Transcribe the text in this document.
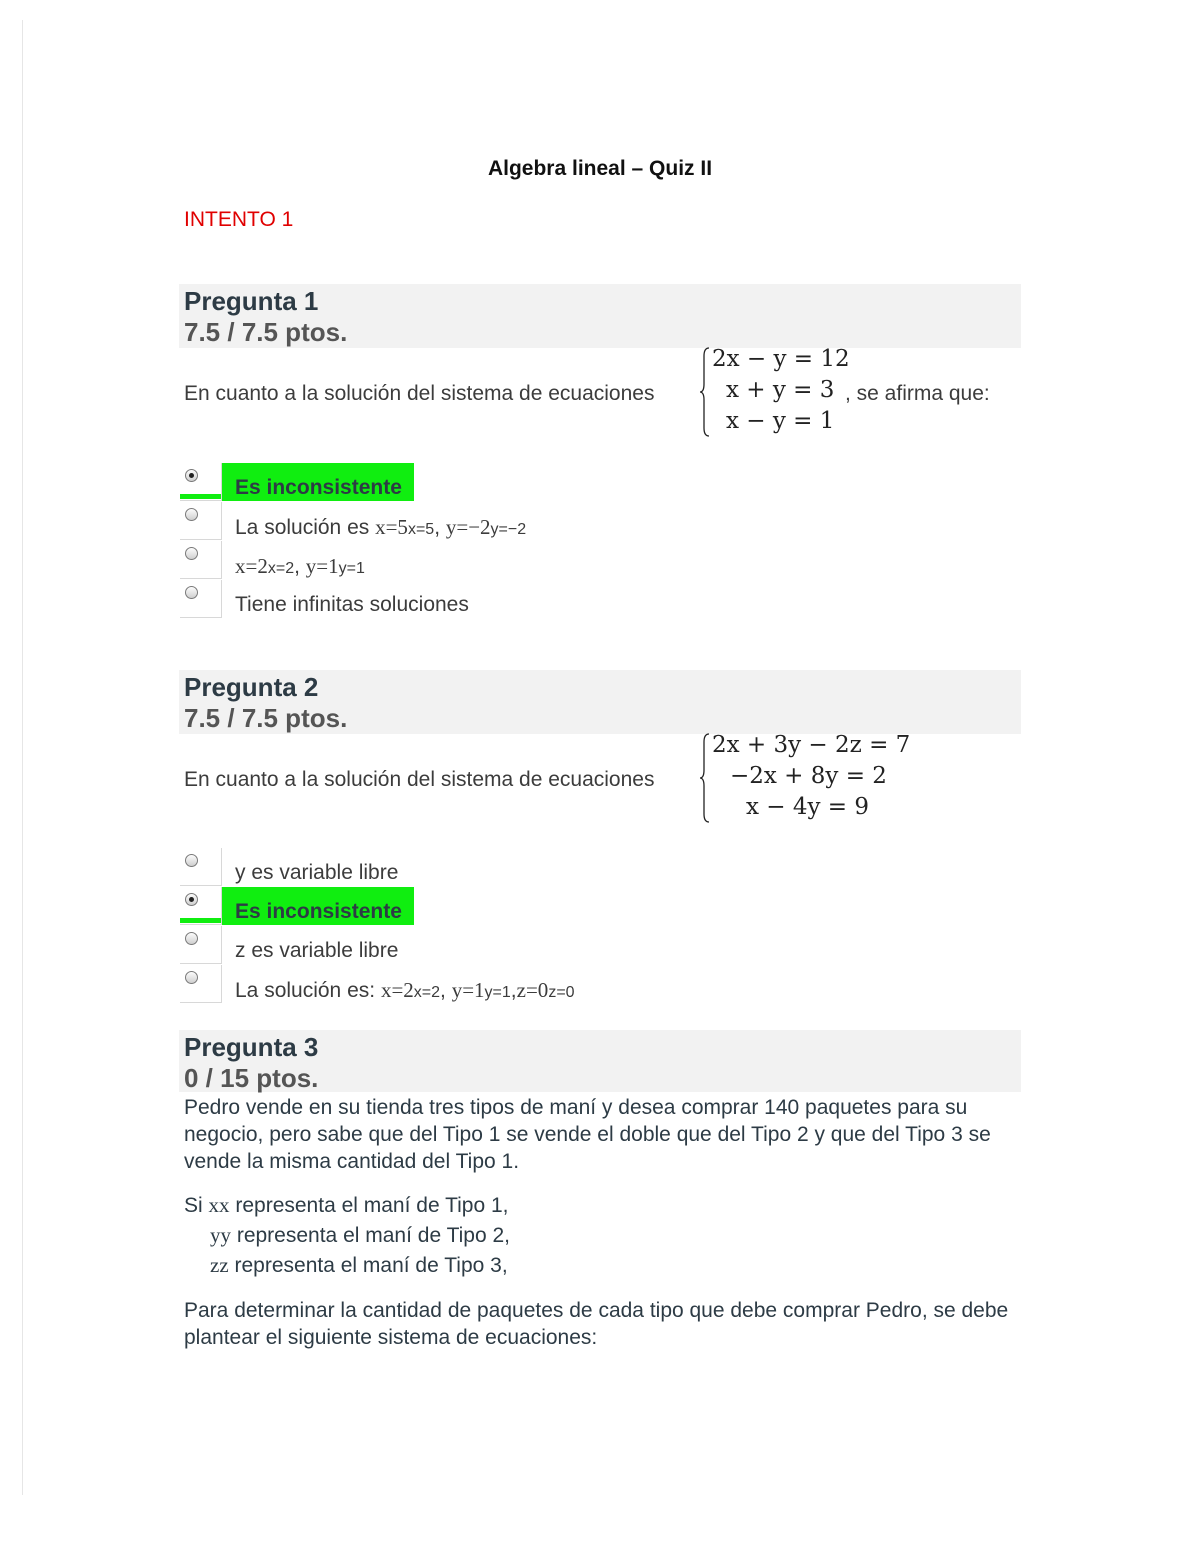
Algebra lineal – Quiz II
INTENTO 1
Pregunta 1
7.5 / 7.5 ptos.
En cuanto a la solución del sistema de ecuaciones
2x − y = 12
x + y = 3
x − y = 1
, se afirma que:
Es inconsistente
La solución es x=5x=5, y=−2y=−2
x=2x=2, y=1y=1
Tiene infinitas soluciones
Pregunta 2
7.5 / 7.5 ptos.
En cuanto a la solución del sistema de ecuaciones
2x + 3y − 2z = 7
−2x + 8y = 2
x − 4y = 9
y es variable libre
Es inconsistente
z es variable libre
La solución es: x=2x=2, y=1y=1,z=0z=0
Pregunta 3
0 / 15 ptos.
Pedro vende en su tienda tres tipos de maní y desea comprar 140 paquetes para su negocio, pero sabe que del Tipo 1 se vende el doble que del Tipo 2 y que del Tipo 3 se vende la misma cantidad del Tipo 1.
Si xx representa el maní de Tipo 1,
yy representa el maní de Tipo 2,
zz representa el maní de Tipo 3,
Para determinar la cantidad de paquetes de cada tipo que debe comprar Pedro, se debe plantear el siguiente sistema de ecuaciones:
